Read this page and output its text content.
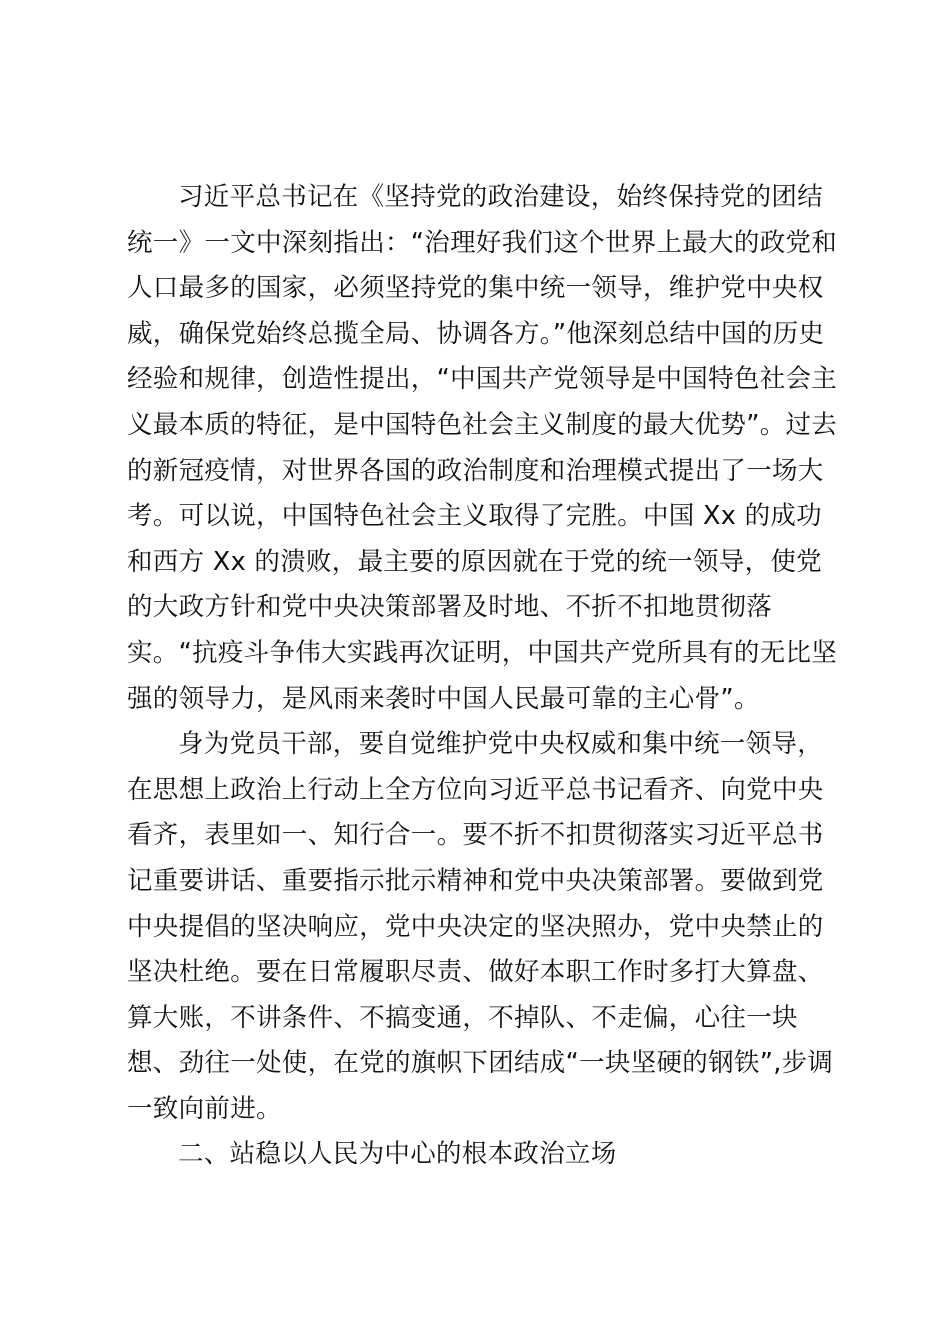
习近平总书记在《坚持党的政治建设，始终保持党的团结
统一》一文中深刻指出：“治理好我们这个世界上最大的政党和
人口最多的国家，必须坚持党的集中统一领导，维护党中央权
威，确保党始终总揽全局、协调各方。”他深刻总结中国的历史
经验和规律，创造性提出，“中国共产党领导是中国特色社会主
义最本质的特征，是中国特色社会主义制度的最大优势”。过去
的新冠疫情，对世界各国的政治制度和治理模式提出了一场大
考。可以说，中国特色社会主义取得了完胜。中国 Xx 的成功
和西方 Xx 的溃败，最主要的原因就在于党的统一领导，使党
的大政方针和党中央决策部署及时地、不折不扣地贯彻落
实。“抗疫斗争伟大实践再次证明，中国共产党所具有的无比坚
强的领导力，是风雨来袭时中国人民最可靠的主心骨”。
身为党员干部，要自觉维护党中央权威和集中统一领导，
在思想上政治上行动上全方位向习近平总书记看齐、向党中央
看齐，表里如一、知行合一。要不折不扣贯彻落实习近平总书
记重要讲话、重要指示批示精神和党中央决策部署。要做到党
中央提倡的坚决响应，党中央决定的坚决照办，党中央禁止的
坚决杜绝。要在日常履职尽责、做好本职工作时多打大算盘、
算大账，不讲条件、不搞变通，不掉队、不走偏，心往一块
想、劲往一处使，在党的旗帜下团结成“一块坚硬的钢铁”,步调
一致向前进。
二、站稳以人民为中心的根本政治立场
